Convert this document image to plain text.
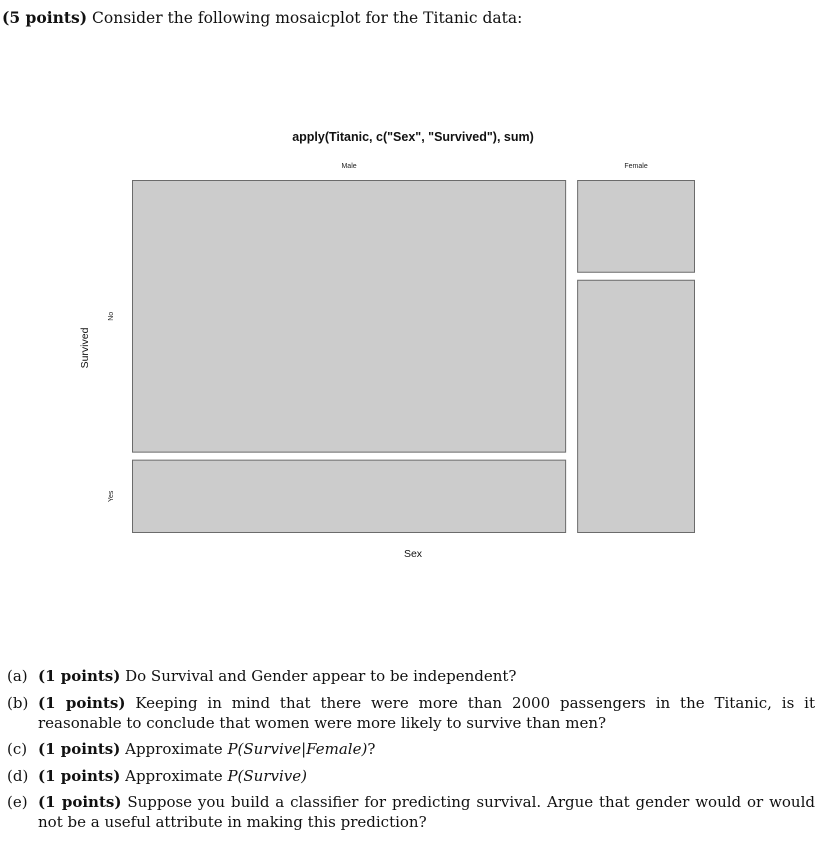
(5 points) Consider the following mosaicplot for the Titanic data:
apply(Titanic, c("Sex", "Survived"), sum)
Sex
Survived
Male	Female
No
Yes
(a) (1 points) Do Survival and Gender appear to be independent?
(b) (1 points) Keeping in mind that there were more than 2000 passengers in the Titanic, is it reasonable to conclude that women were more likely to survive than men?
(c) (1 points) Approximate P(Survive|Female)?
(d) (1 points) Approximate P(Survive)
(e) (1 points) Suppose you build a classifier for predicting survival. Argue that gender would or would not be a useful attribute in making this prediction?
